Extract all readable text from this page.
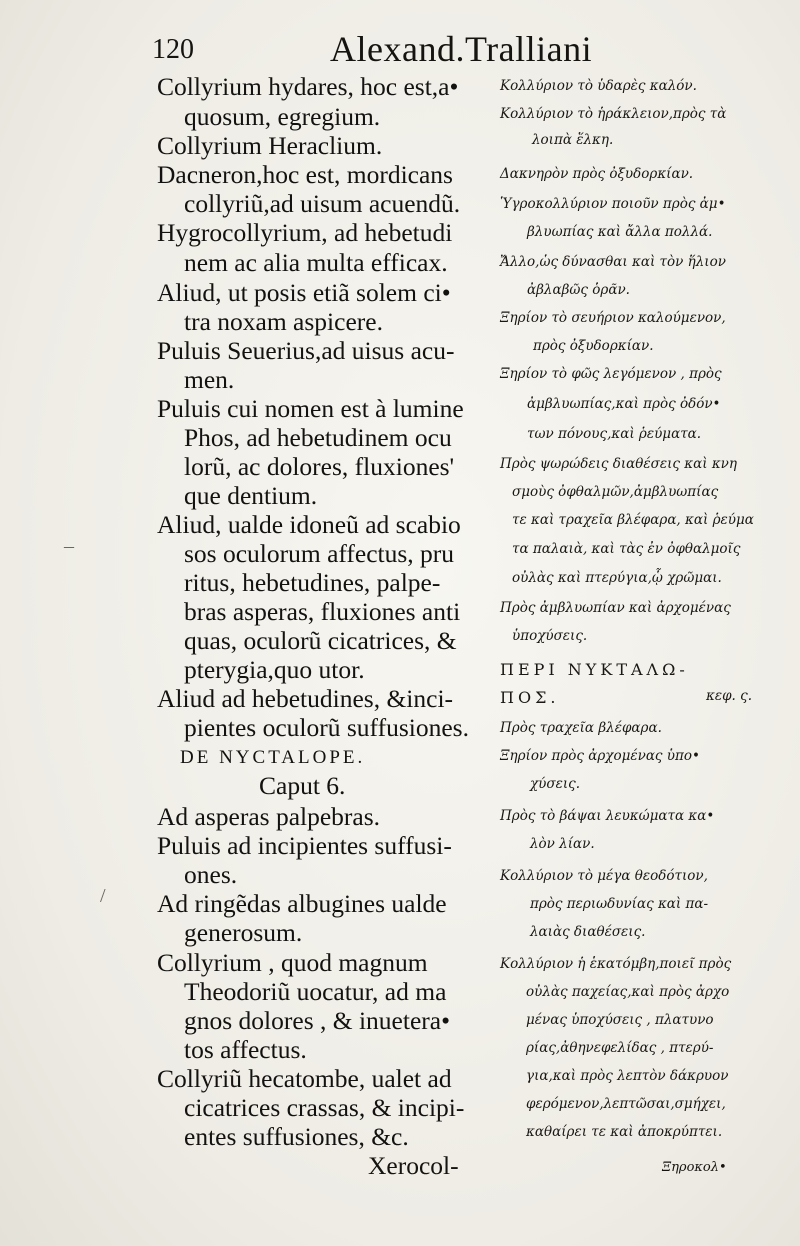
120	Alexand.Tralliani
Collyrium hydares, hoc est,a•
quosum, egregium.
Collyrium Heraclium.
Dacneron,hoc est, mordicans
collyriũ,ad uisum acuendũ.
Hygrocollyrium, ad hebetudi
nem ac alia multa efficax.
Aliud, ut posis etiã solem ci•
tra noxam aspicere.
Puluis Seuerius,ad uisus acu-
men.
Puluis cui nomen est à lumine
Phos, ad hebetudinem ocu
lorũ, ac dolores, fluxiones'
que dentium.
Aliud, ualde idoneũ ad scabio
sos oculorum affectus, pru
ritus, hebetudines, palpe-
bras asperas, fluxiones anti
quas, oculorũ cicatrices, &
pterygia,quo utor.
Aliud ad hebetudines, &inci-
pientes oculorũ suffusiones.
DE NYCTALOPE.
Caput 6.
Ad asperas palpebras.
Puluis ad incipientes suffusi-
ones.
Ad ringẽdas albugines ualde
generosum.
Collyrium , quod magnum
Theodoriũ uocatur, ad ma
gnos dolores , & inuetera•
tos affectus.
Collyriũ hecatombe, ualet ad
cicatrices crassas, & incipi-
entes suffusiones, &c.
Xerocol-
Κολλύριον τὸ ὑδαρὲς καλόν.
Κολλύριον τὸ ἡράκλειον,πρὸς τὰ
λοιπὰ ἕλκη.
Δακνηρὸν πρὸς ὀξυδορκίαν.
Ὑγροκολλύριον ποιοῦν πρὸς ἀμ•
βλυωπίας καὶ ἄλλα πολλά.
Ἄλλο,ὡς δύνασθαι καὶ τὸν ἥλιον
ἀβλαβῶς ὁρᾶν.
Ξηρίον τὸ σευήριον καλούμενον,
πρὸς ὀξυδορκίαν.
Ξηρίον τὸ φῶς λεγόμενον , πρὸς
ἀμβλυωπίας,καὶ πρὸς ὀδόν•
των πόνους,καὶ ῥεύματα.
Πρὸς ψωρώδεις διαθέσεις καὶ κνη
σμοὺς ὀφθαλμῶν,ἀμβλυωπίας
τε καὶ τραχεῖα βλέφαρα, καὶ ῥεύμα
τα παλαιὰ, καὶ τὰς ἐν ὀφθαλμοῖς
οὐλὰς καὶ πτερύγια,ᾧ χρῶμαι.
Πρὸς ἀμβλυωπίαν καὶ ἀρχομένας
ὑποχύσεις.
ΠΕΡΙ ΝΥΚΤΑΛΩ-
ΠΟΣ.	κεφ. ς.
Πρὸς τραχεῖα βλέφαρα.
Ξηρίον πρὸς ἀρχομένας ὑπο•
χύσεις.
Πρὸς τὸ βάψαι λευκώματα κα•
λὸν λίαν.
Κολλύριον τὸ μέγα θεοδότιον,
πρὸς περιωδυνίας καὶ πα-
λαιὰς διαθέσεις.
Κολλύριον ἡ ἑκατόμβη,ποιεῖ πρὸς
οὐλὰς παχείας,καὶ πρὸς ἀρχο
μένας ὑποχύσεις , πλατυνο
ρίας,ἀθηνεφελίδας , πτερύ-
για,καὶ πρὸς λεπτὸν δάκρυον
φερόμενον,λεπτῶσαι,σμήχει,
καθαίρει τε καὶ ἀποκρύπτει.
Ξηροκολ•
–
/
